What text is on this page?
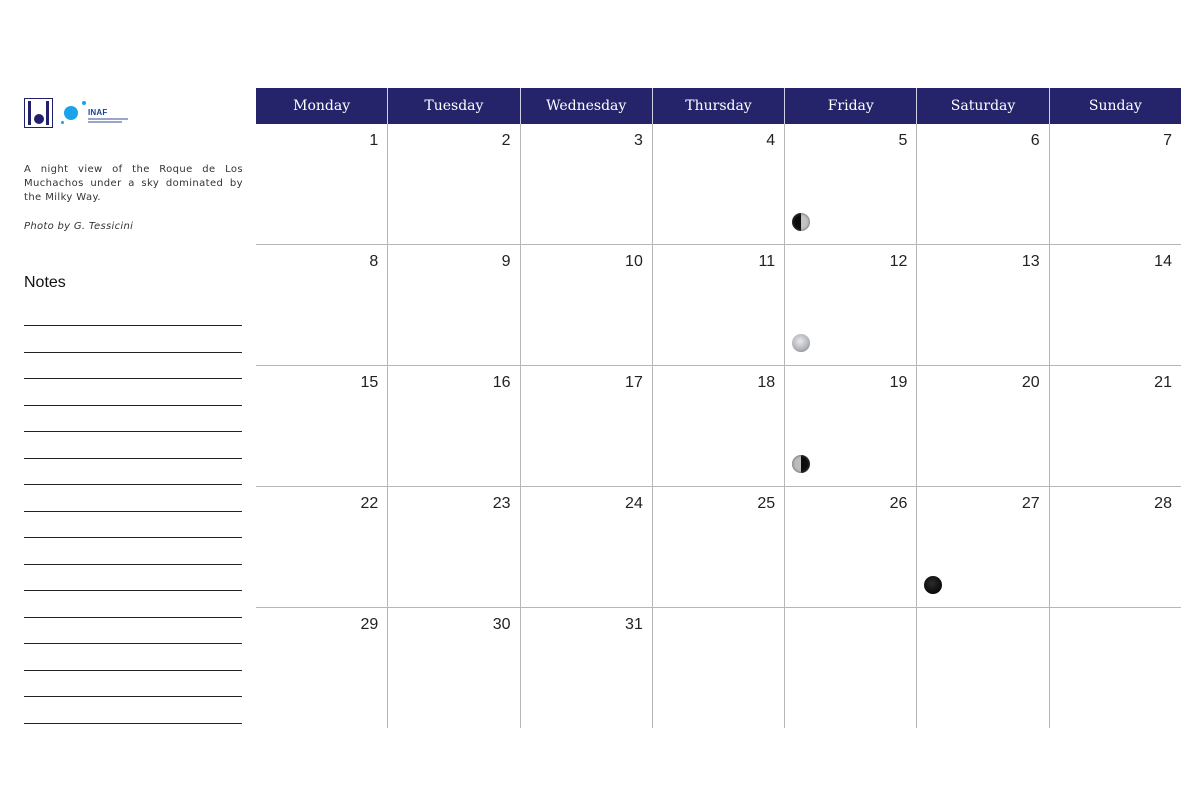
INAF
A night view of the Roque de Los Muchachos under a sky dominated by the Milky Way.
Photo by G. Tessicini
Notes
Monday	Tuesday	Wednesday	Thursday	Friday	Saturday	Sunday
1	2	3	4	5	6	7
8	9	10	11	12	13	14
15	16	17	18	19	20	21
22	23	24	25	26	27	28
29	30	31
